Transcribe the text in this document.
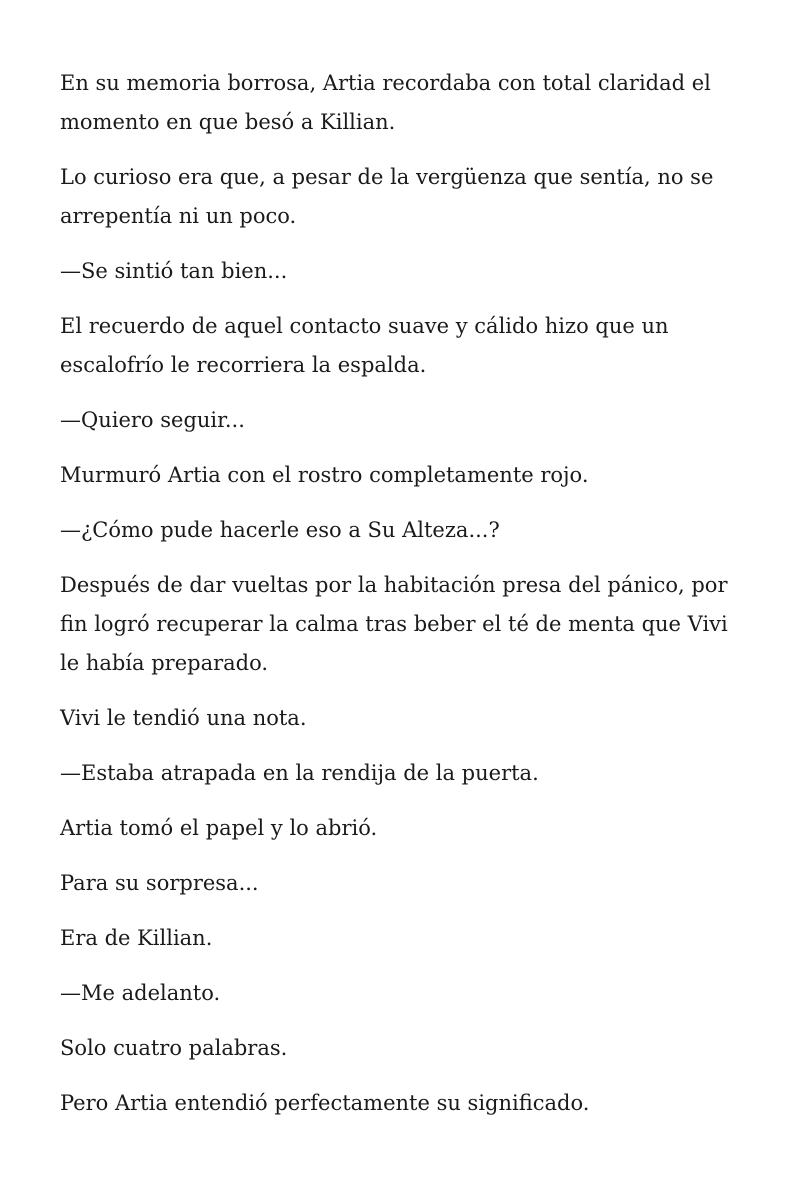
En su memoria borrosa, Artia recordaba con total claridad el momento en que besó a Killian.

Lo curioso era que, a pesar de la vergüenza que sentía, no se arrepentía ni un poco.

—Se sintió tan bien...

El recuerdo de aquel contacto suave y cálido hizo que un escalofrío le recorriera la espalda.

—Quiero seguir...

Murmuró Artia con el rostro completamente rojo.

—¿Cómo pude hacerle eso a Su Alteza...?

Después de dar vueltas por la habitación presa del pánico, por fin logró recuperar la calma tras beber el té de menta que Vivi le había preparado.

Vivi le tendió una nota.

—Estaba atrapada en la rendija de la puerta.

Artia tomó el papel y lo abrió.

Para su sorpresa...

Era de Killian.

—Me adelanto.

Solo cuatro palabras.

Pero Artia entendió perfectamente su significado.
